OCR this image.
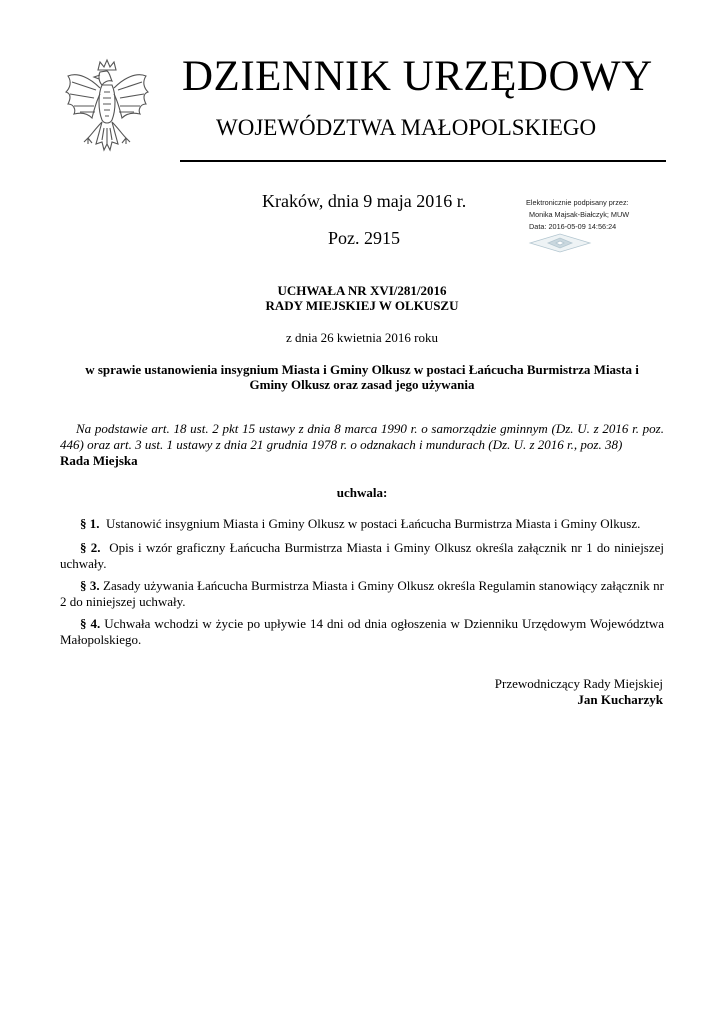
DZIENNIK URZĘDOWY
WOJEWÓDZTWA MAŁOPOLSKIEGO
Kraków, dnia 9 maja 2016 r.
Poz. 2915
Elektronicznie podpisany przez:
Monika Majsak-Białczyk; MUW
Data: 2016-05-09 14:56:24
UCHWAŁA NR XVI/281/2016
RADY MIEJSKIEJ W OLKUSZU
z dnia 26 kwietnia 2016 roku
w sprawie ustanowienia insygnium Miasta i Gminy Olkusz w postaci Łańcucha Burmistrza Miasta i Gminy Olkusz oraz zasad jego używania
Na podstawie art. 18 ust. 2 pkt 15 ustawy z dnia 8 marca 1990 r. o samorządzie gminnym (Dz. U. z 2016 r. poz. 446) oraz art. 3 ust. 1 ustawy z dnia 21 grudnia 1978 r. o odznakach i mundurach (Dz. U. z 2016 r., poz. 38)
Rada Miejska
uchwala:
§ 1. Ustanowić insygnium Miasta i Gminy Olkusz w postaci Łańcucha Burmistrza Miasta i Gminy Olkusz.
§ 2. Opis i wzór graficzny Łańcucha Burmistrza Miasta i Gminy Olkusz określa załącznik nr 1 do niniejszej uchwały.
§ 3. Zasady używania Łańcucha Burmistrza Miasta i Gminy Olkusz określa Regulamin stanowiący załącznik nr 2 do niniejszej uchwały.
§ 4. Uchwała wchodzi w życie po upływie 14 dni od dnia ogłoszenia w Dzienniku Urzędowym Województwa Małopolskiego.
Przewodniczący Rady Miejskiej
Jan Kucharzyk
